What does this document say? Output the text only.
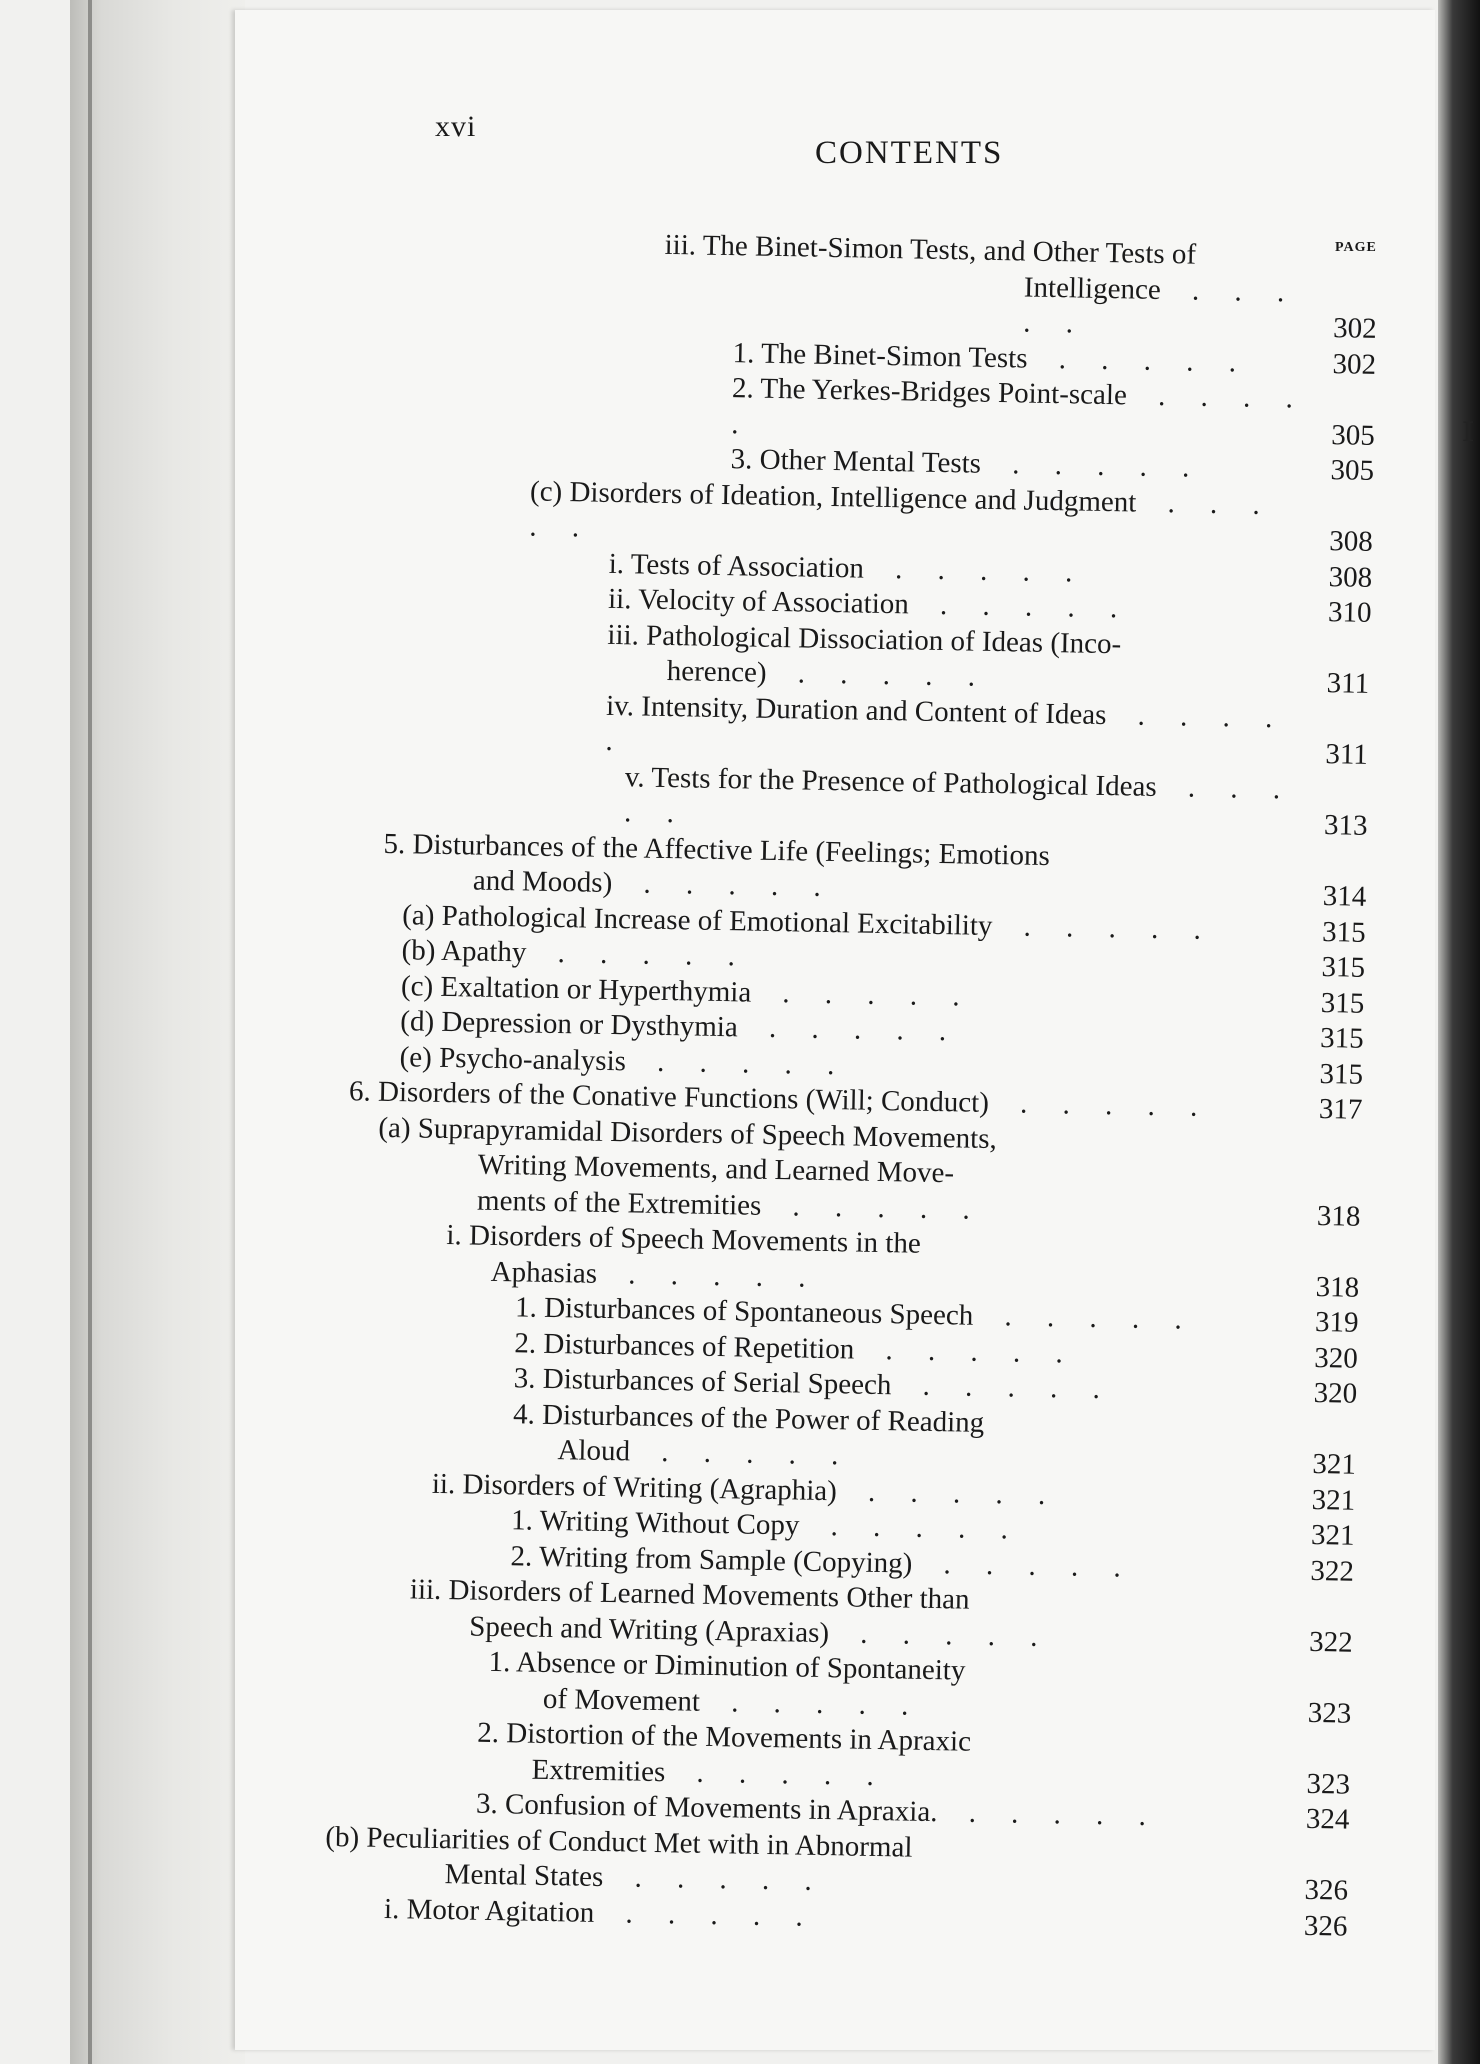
xvi
CONTENTS
PAGE
iii. The Binet-Simon Tests, and Other Tests of
Intelligence . . . . .	302
1. The Binet-Simon Tests . . . . .	302
2. The Yerkes-Bridges Point-scale . . . . .	305
3. Other Mental Tests . . . . .	305
(c) Disorders of Ideation, Intelligence and Judgment . . . . .	308
i. Tests of Association . . . . .	308
ii. Velocity of Association . . . . .	310
iii. Pathological Dissociation of Ideas (Inco-
herence) . . . . .	311
iv. Intensity, Duration and Content of Ideas . . . . .	311
v. Tests for the Presence of Pathological Ideas . . . . .	313
5. Disturbances of the Affective Life (Feelings; Emotions
and Moods) . . . . .	314
(a) Pathological Increase of Emotional Excitability . . . . .	315
(b) Apathy . . . . .	315
(c) Exaltation or Hyperthymia . . . . .	315
(d) Depression or Dysthymia . . . . .	315
(e) Psycho-analysis . . . . .	315
6. Disorders of the Conative Functions (Will; Conduct) . . . . .	317
(a) Suprapyramidal Disorders of Speech Movements,
Writing Movements, and Learned Move-
ments of the Extremities . . . . .	318
i. Disorders of Speech Movements in the
Aphasias . . . . .	318
1. Disturbances of Spontaneous Speech . . . . .	319
2. Disturbances of Repetition . . . . .	320
3. Disturbances of Serial Speech . . . . .	320
4. Disturbances of the Power of Reading
Aloud . . . . .	321
ii. Disorders of Writing (Agraphia) . . . . .	321
1. Writing Without Copy . . . . .	321
2. Writing from Sample (Copying) . . . . .	322
iii. Disorders of Learned Movements Other than
Speech and Writing (Apraxias) . . . . .	322
1. Absence or Diminution of Spontaneity
of Movement . . . . .	323
2. Distortion of the Movements in Apraxic
Extremities . . . . .	323
3. Confusion of Movements in Apraxia. . . . . .	324
(b) Peculiarities of Conduct Met with in Abnormal
Mental States . . . . .	326
i. Motor Agitation . . . . .	326
I
